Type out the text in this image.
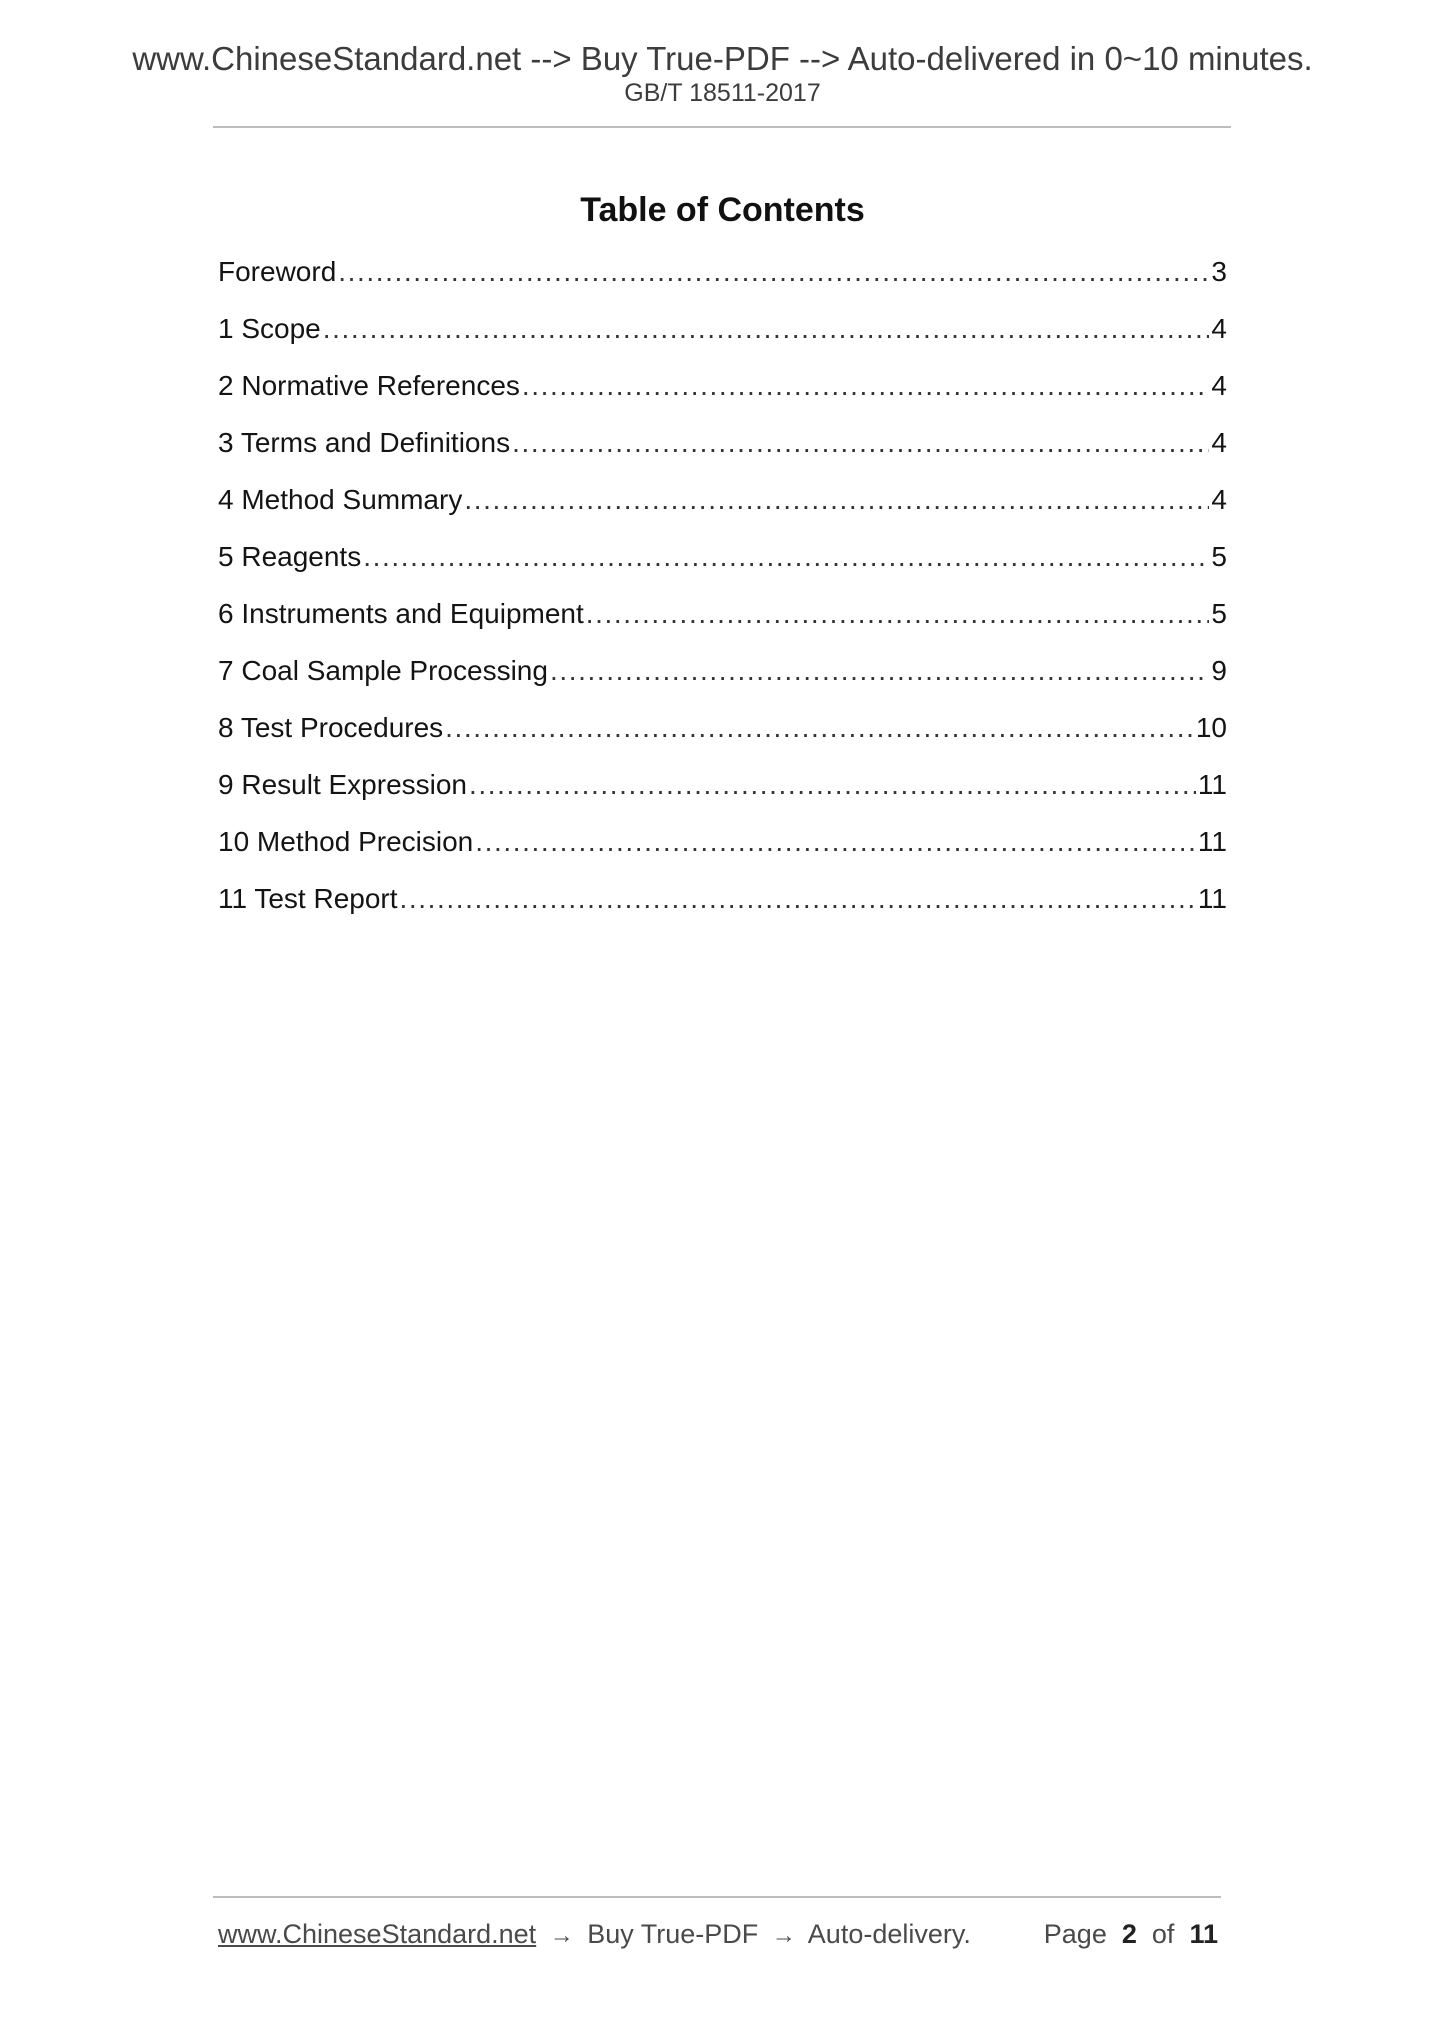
www.ChineseStandard.net --> Buy True-PDF --> Auto-delivered in 0~10 minutes.
GB/T 18511-2017
Table of Contents
Foreword .....	3
1 Scope .....	4
2 Normative References .....	4
3 Terms and Definitions .....	4
4 Method Summary .....	4
5 Reagents .....	5
6 Instruments and Equipment .....	5
7 Coal Sample Processing .....	9
8 Test Procedures .....	10
9 Result Expression .....	11
10 Method Precision .....	11
11 Test Report .....	11
www.ChineseStandard.net → Buy True-PDF → Auto-delivery.	Page 2 of 11
